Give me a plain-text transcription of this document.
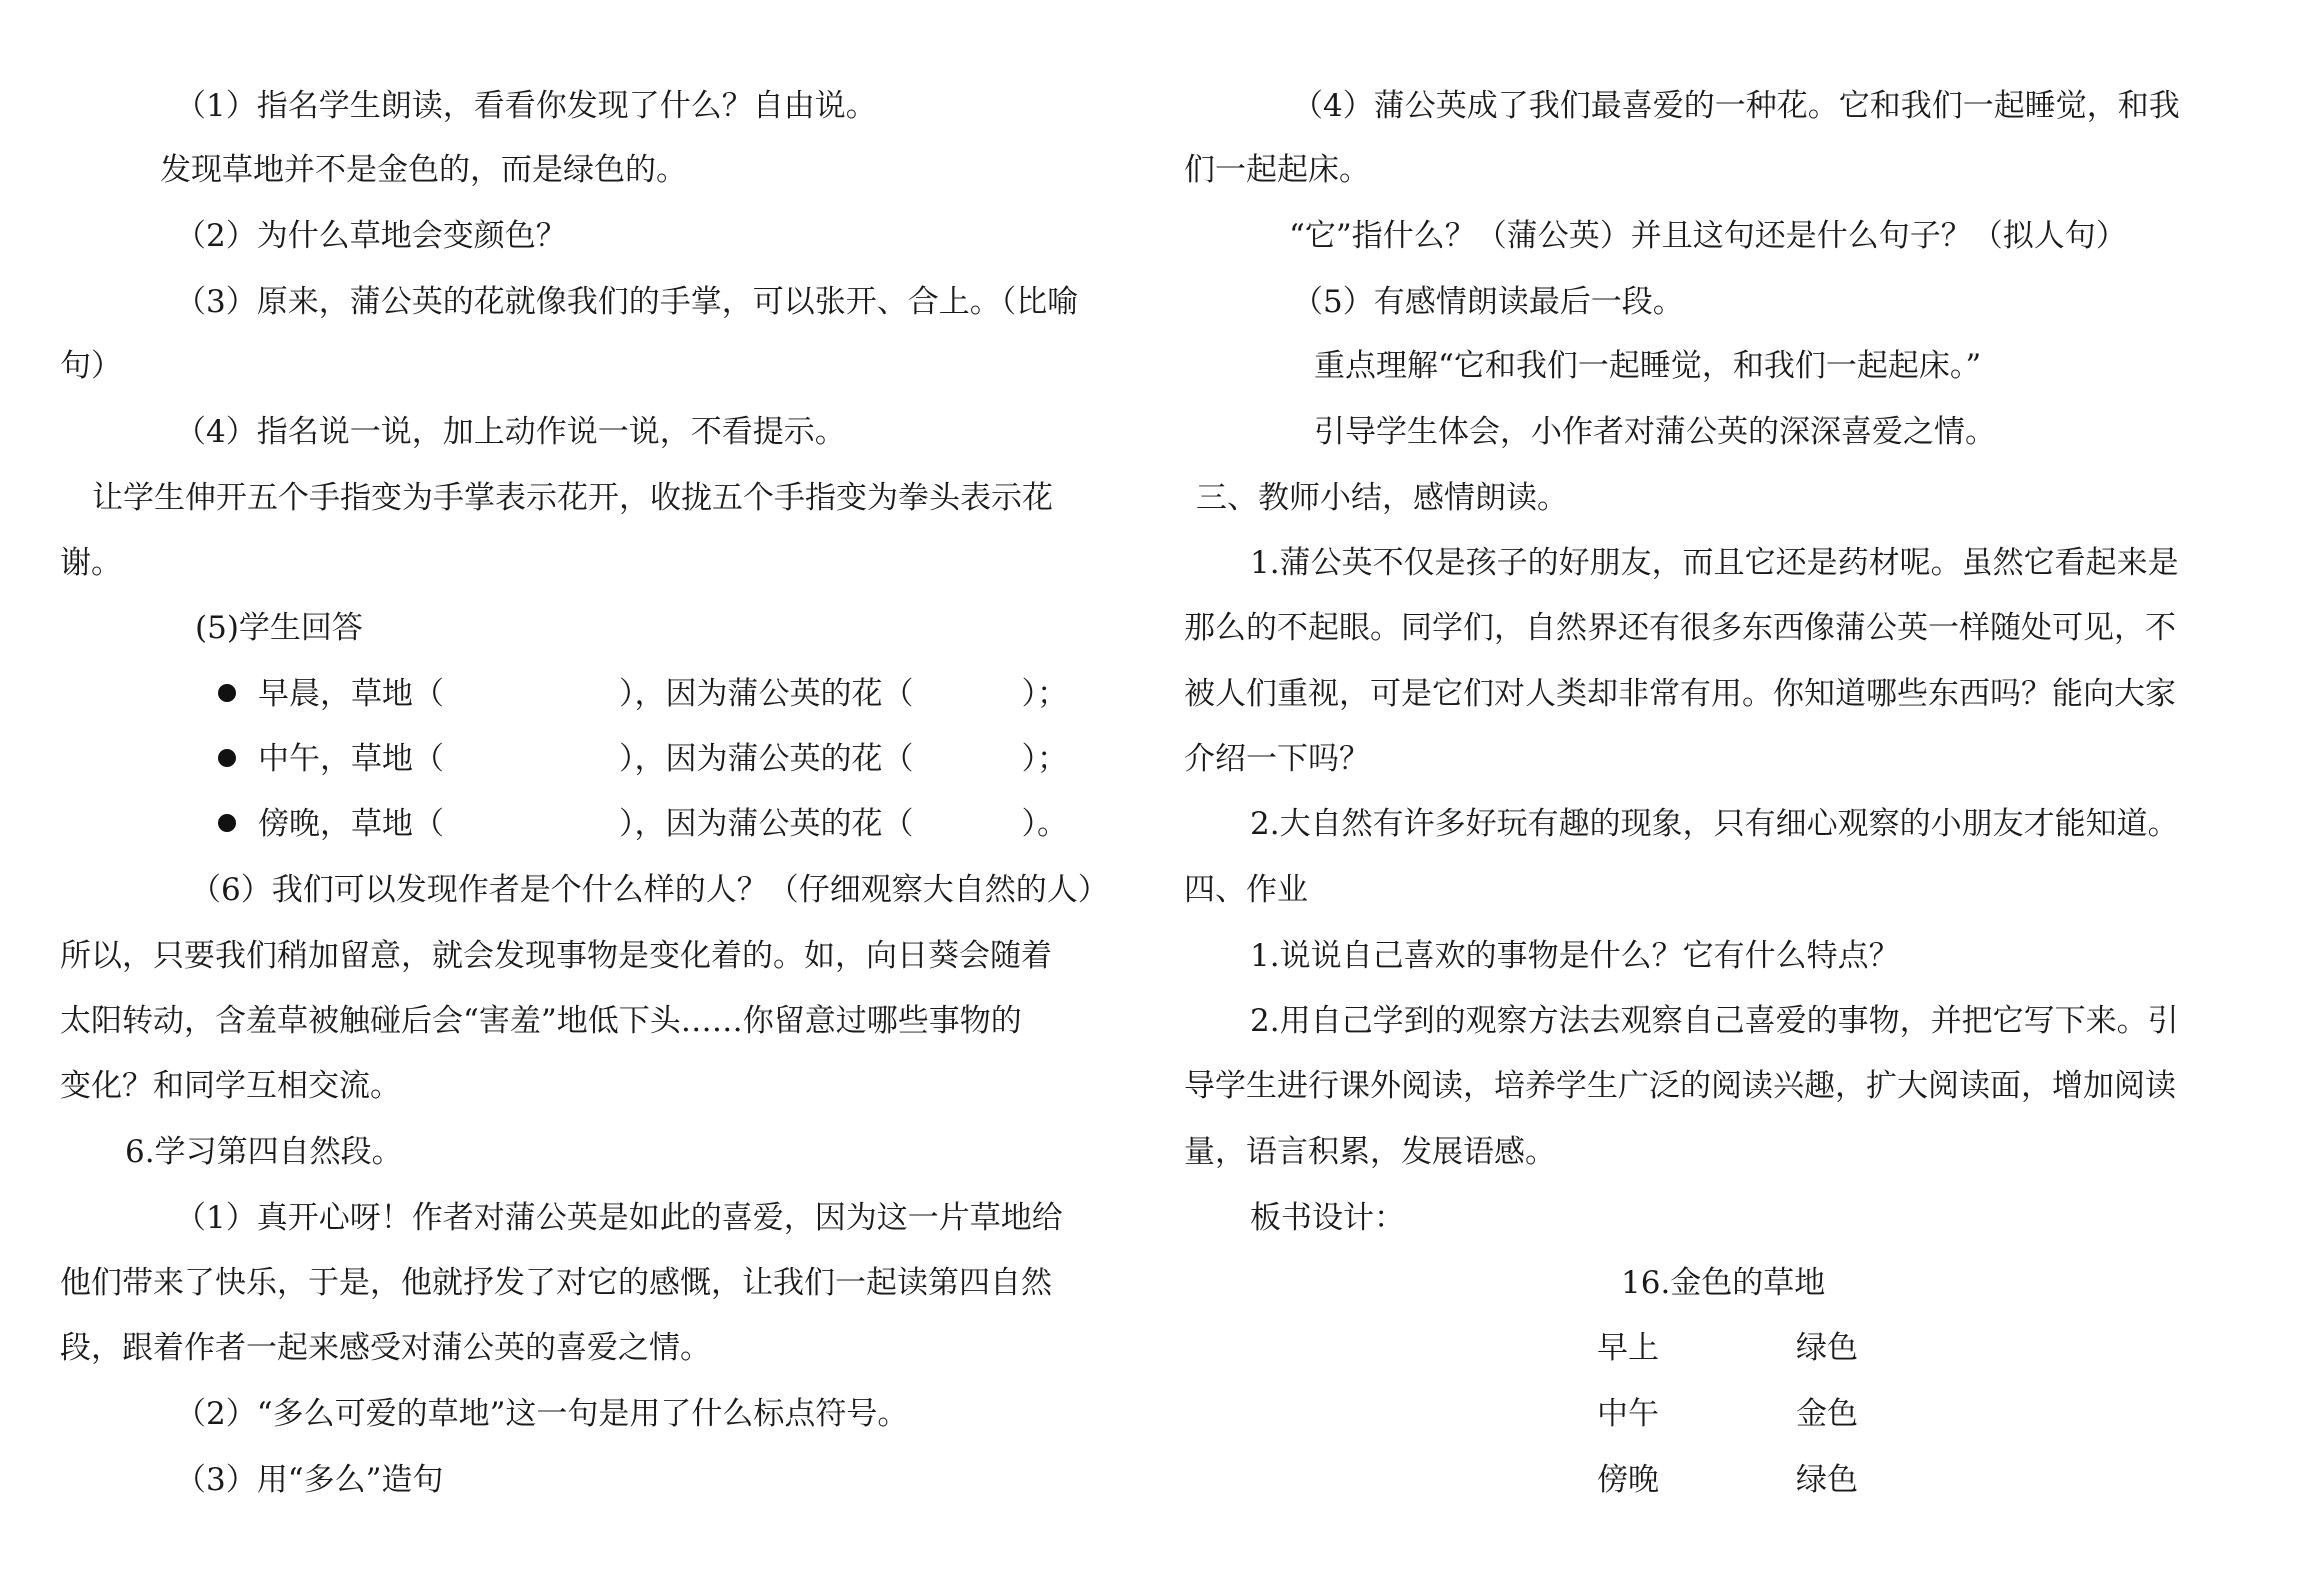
（1）指名学生朗读，看看你发现了什么？自由说。
发现草地并不是金色的，而是绿色的。
（2）为什么草地会变颜色？
（3）原来，蒲公英的花就像我们的手掌，可以张开、合上。（比喻
句）
（4）指名说一说，加上动作说一说，不看提示。
让学生伸开五个手指变为手掌表示花开，收拢五个手指变为拳头表示花
谢。
(5)学生回答
早晨，草地（	），因为蒲公英的花（	）；
中午，草地（	），因为蒲公英的花（	）；
傍晚，草地（	），因为蒲公英的花（	）。
（6）我们可以发现作者是个什么样的人？（仔细观察大自然的人）
所以，只要我们稍加留意，就会发现事物是变化着的。如，向日葵会随着
太阳转动，含羞草被触碰后会“害羞”地低下头……你留意过哪些事物的
变化？和同学互相交流。
6.学习第四自然段。
（1）真开心呀！作者对蒲公英是如此的喜爱，因为这一片草地给
他们带来了快乐，于是，他就抒发了对它的感慨，让我们一起读第四自然
段，跟着作者一起来感受对蒲公英的喜爱之情。
（2）“多么可爱的草地”这一句是用了什么标点符号。
（3）用“多么”造句
（4）蒲公英成了我们最喜爱的一种花。它和我们一起睡觉，和我
们一起起床。
“它”指什么？（蒲公英）并且这句还是什么句子？（拟人句）
（5）有感情朗读最后一段。
重点理解“它和我们一起睡觉，和我们一起起床。”
引导学生体会，小作者对蒲公英的深深喜爱之情。
三、教师小结，感情朗读。
1.蒲公英不仅是孩子的好朋友，而且它还是药材呢。虽然它看起来是
那么的不起眼。同学们，自然界还有很多东西像蒲公英一样随处可见，不
被人们重视，可是它们对人类却非常有用。你知道哪些东西吗？能向大家
介绍一下吗？
2.大自然有许多好玩有趣的现象，只有细心观察的小朋友才能知道。
四、作业
1.说说自己喜欢的事物是什么？它有什么特点？
2.用自己学到的观察方法去观察自己喜爱的事物，并把它写下来。引
导学生进行课外阅读，培养学生广泛的阅读兴趣，扩大阅读面，增加阅读
量，语言积累，发展语感。
板书设计：
16.金色的草地
早上	绿色
中午	金色
傍晚	绿色
